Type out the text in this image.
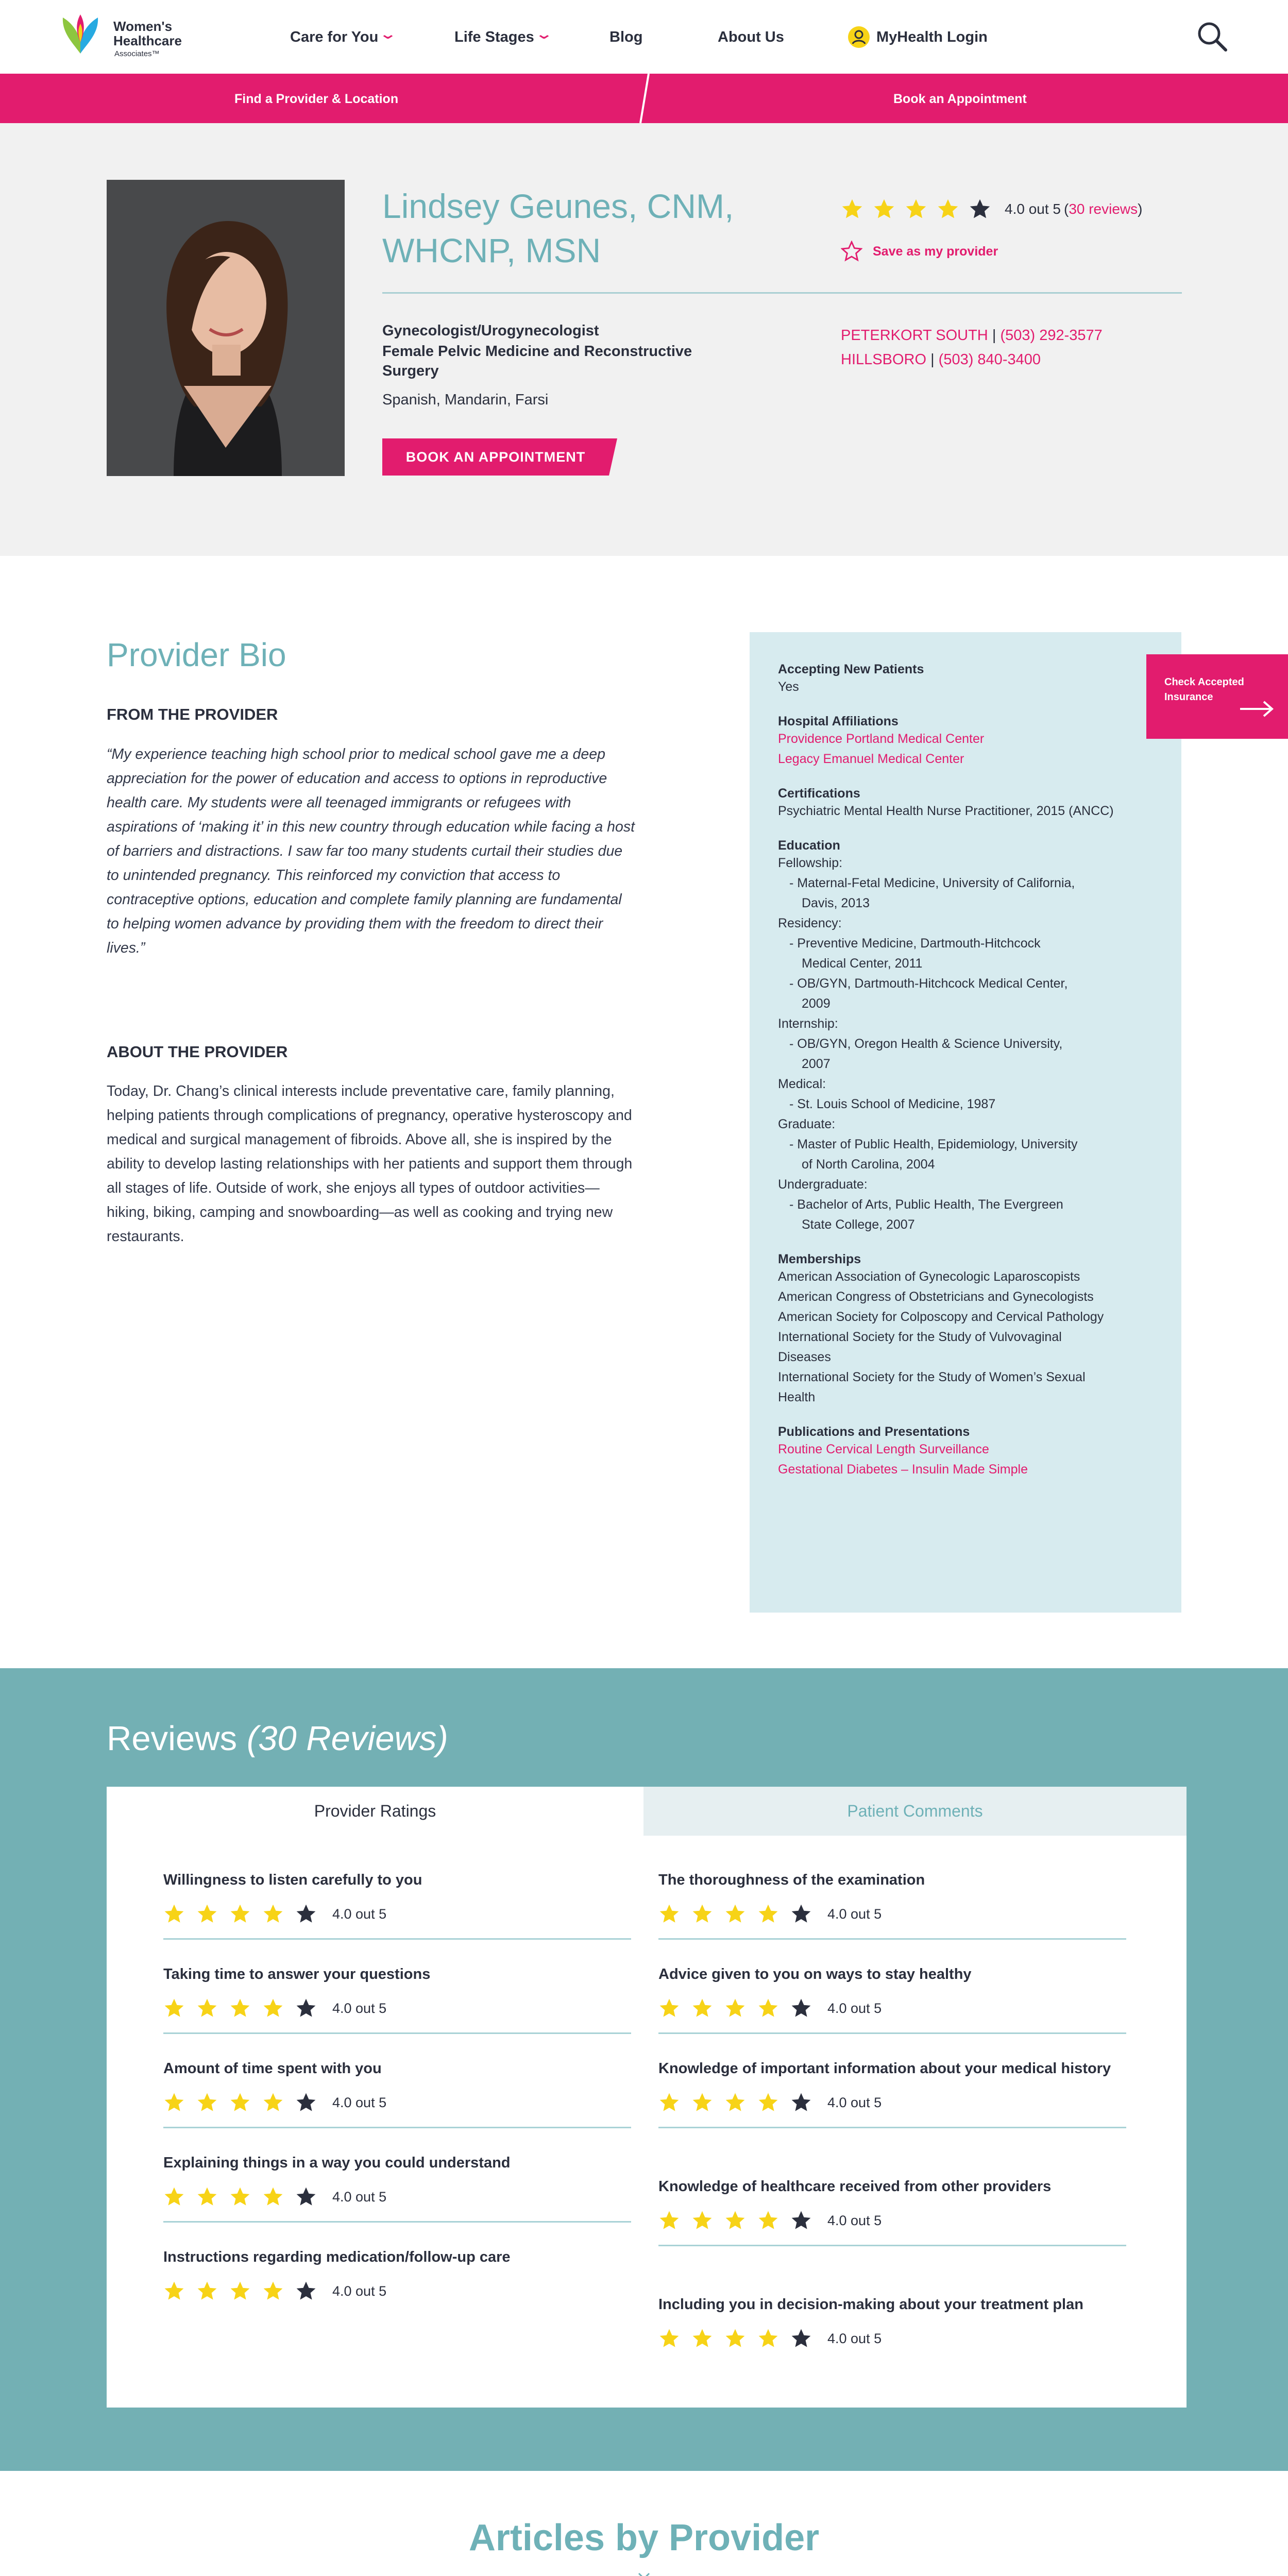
Women's
Healthcare
Associates™
Care for You⌄	Life Stages⌄	Blog	About Us	MyHealth Login
Find a Provider & Location	Book an Appointment
Lindsey Geunes, CNM, WHCNP, MSN
4.0 out 5 (30 reviews)
Save as my provider
Gynecologist/Urogynecologist
Female Pelvic Medicine and Reconstructive Surgery
Spanish, Mandarin, Farsi
BOOK AN APPOINTMENT
PETERKORT SOUTH | (503) 292-3577
HILLSBORO | (503) 840-3400
Provider Bio
FROM THE PROVIDER
“My experience teaching high school prior to medical school gave me a deep appreciation for the power of education and access to options in reproductive health care. My students were all teenaged immigrants or refugees with aspirations of ‘making it’ in this new country through education while facing a host of barriers and distractions. I saw far too many students curtail their studies due to unintended pregnancy. This reinforced my conviction that access to contraceptive options, education and complete family planning are fundamental to helping women advance by providing them with the freedom to direct their lives.”
ABOUT THE PROVIDER
Today, Dr. Chang’s clinical interests include preventative care, family planning, helping patients through complications of pregnancy, operative hysteroscopy and medical and surgical management of fibroids. Above all, she is inspired by the ability to develop lasting relationships with her patients and support them through all stages of life. Outside of work, she enjoys all types of outdoor activities—hiking, biking, camping and snowboarding—as well as cooking and trying new restaurants.
Accepting New Patients
Yes
Hospital Affiliations
Providence Portland Medical Center
Legacy Emanuel Medical Center
Certifications
Psychiatric Mental Health Nurse Practitioner, 2015 (ANCC)
Education
Fellowship:
- Maternal-Fetal Medicine, University of California,
Davis, 2013
Residency:
- Preventive Medicine, Dartmouth-Hitchcock
Medical Center, 2011
- OB/GYN, Dartmouth-Hitchcock Medical Center,
2009
Internship:
- OB/GYN, Oregon Health & Science University,
2007
Medical:
- St. Louis School of Medicine, 1987
Graduate:
- Master of Public Health, Epidemiology, University
of North Carolina, 2004
Undergraduate:
- Bachelor of Arts, Public Health, The Evergreen
State College, 2007
Memberships
American Association of Gynecologic Laparoscopists
American Congress of Obstetricians and Gynecologists
American Society for Colposcopy and Cervical Pathology
International Society for the Study of Vulvovaginal
Diseases
International Society for the Study of Women’s Sexual
Health
Publications and Presentations
Routine Cervical Length Surveillance
Gestational Diabetes – Insulin Made Simple
Check Accepted Insurance
Reviews (30 Reviews)
Provider Ratings	Patient Comments
Willingness to listen carefully to you
4.0 out 5
Taking time to answer your questions
4.0 out 5
Amount of time spent with you
4.0 out 5
Explaining things in a way you could understand
4.0 out 5
Instructions regarding medication/follow-up care
4.0 out 5
The thoroughness of the examination
4.0 out 5
Advice given to you on ways to stay healthy
4.0 out 5
Knowledge of important information about your medical history
4.0 out 5
Knowledge of healthcare received from other providers
4.0 out 5
Including you in decision-making about your treatment plan
4.0 out 5
Articles by Provider
